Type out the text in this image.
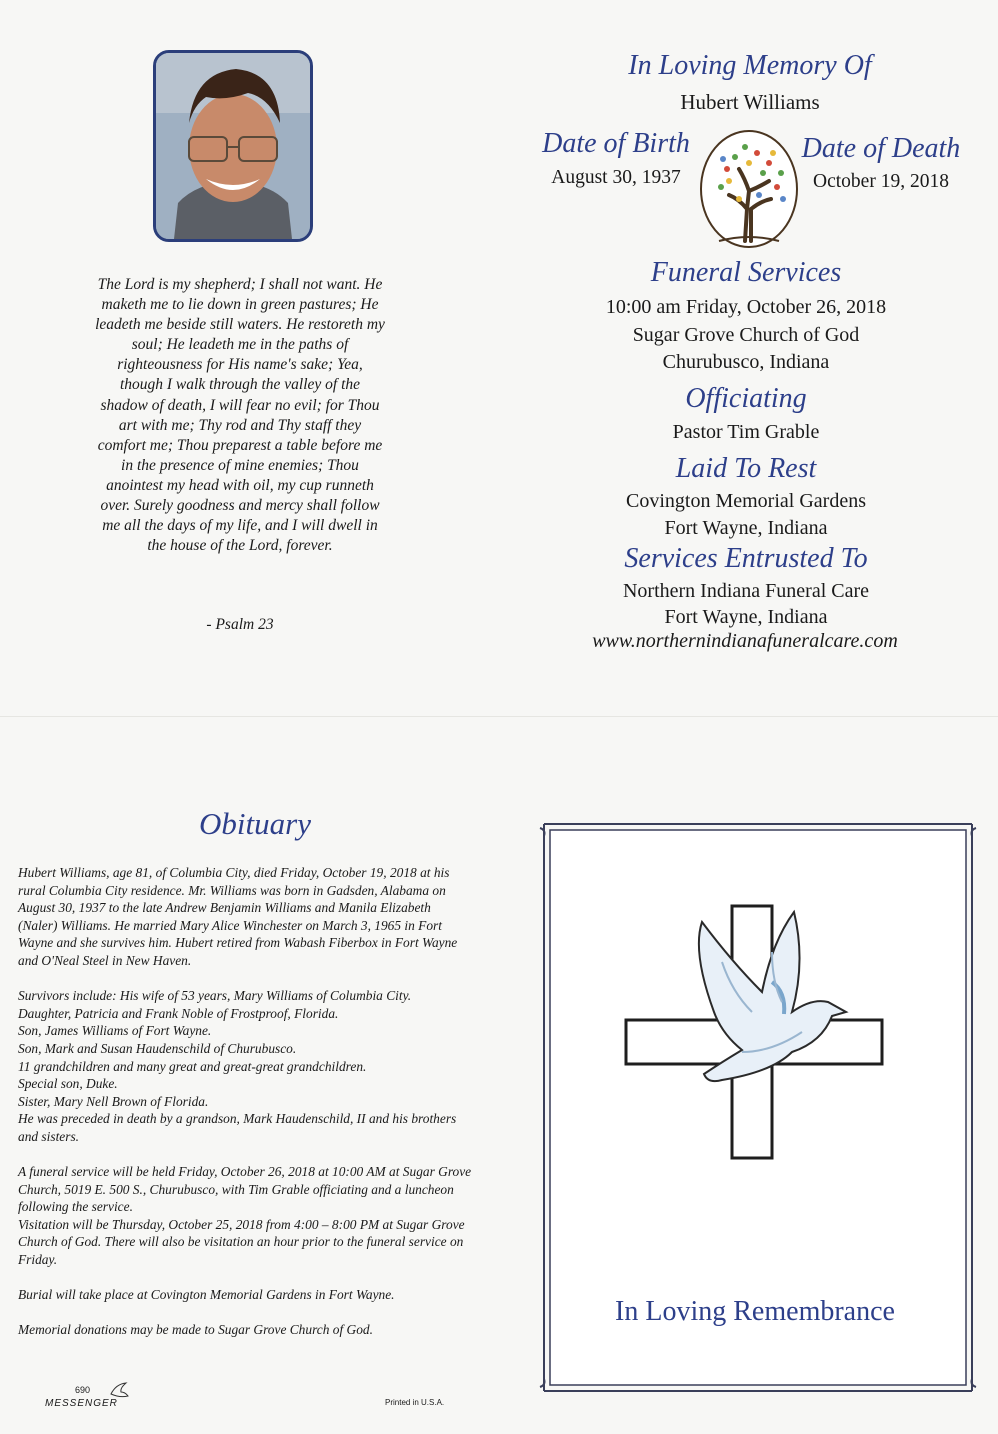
The Lord is my shepherd; I shall not want. He maketh me to lie down in green pastures; He leadeth me beside still waters. He restoreth my soul; He leadeth me in the paths of righteousness for His name's sake; Yea, though I walk through the valley of the shadow of death, I will fear no evil; for Thou art with me; Thy rod and Thy staff they comfort me; Thou preparest a table before me in the presence of mine enemies; Thou anointest my head with oil, my cup runneth over. Surely goodness and mercy shall follow me all the days of my life, and I will dwell in the house of the Lord, forever.
- Psalm 23
In Loving Memory Of
Hubert Williams
Date of Birth
August 30, 1937
Date of Death
October 19, 2018
Funeral Services
10:00 am Friday, October 26, 2018
Sugar Grove Church of God
Churubusco, Indiana
Officiating
Pastor Tim Grable
Laid To Rest
Covington Memorial Gardens
Fort Wayne, Indiana
Services Entrusted To
Northern Indiana Funeral Care
Fort Wayne, Indiana
www.northernindianafuneralcare.com
Obituary

Hubert Williams, age 81, of Columbia City, died Friday, October 19, 2018 at his rural Columbia City residence. Mr. Williams was born in Gadsden, Alabama on August 30, 1937 to the late Andrew Benjamin Williams and Manila Elizabeth (Naler) Williams. He married Mary Alice Winchester on March 3, 1965 in Fort Wayne and she survives him. Hubert retired from Wabash Fiberbox in Fort Wayne and O'Neal Steel in New Haven.

Survivors include: His wife of 53 years, Mary Williams of Columbia City.
Daughter, Patricia and Frank Noble of Frostproof, Florida.
Son, James Williams of Fort Wayne.
Son, Mark and Susan Haudenschild of Churubusco.
11 grandchildren and many great and great-great grandchildren.
Special son, Duke.
Sister, Mary Nell Brown of Florida.

He was preceded in death by a grandson, Mark Haudenschild, II and his brothers and sisters.

A funeral service will be held Friday, October 26, 2018 at 10:00 AM at Sugar Grove Church, 5019 E. 500 S., Churubusco, with Tim Grable officiating and a luncheon following the service.

Visitation will be Thursday, October 25, 2018 from 4:00 – 8:00 PM at Sugar Grove Church of God. There will also be visitation an hour prior to the funeral service on Friday.

Burial will take place at Covington Memorial Gardens in Fort Wayne.

Memorial donations may be made to Sugar Grove Church of God.

690
MESSENGER	Printed in U.S.A.
In Loving Remembrance
